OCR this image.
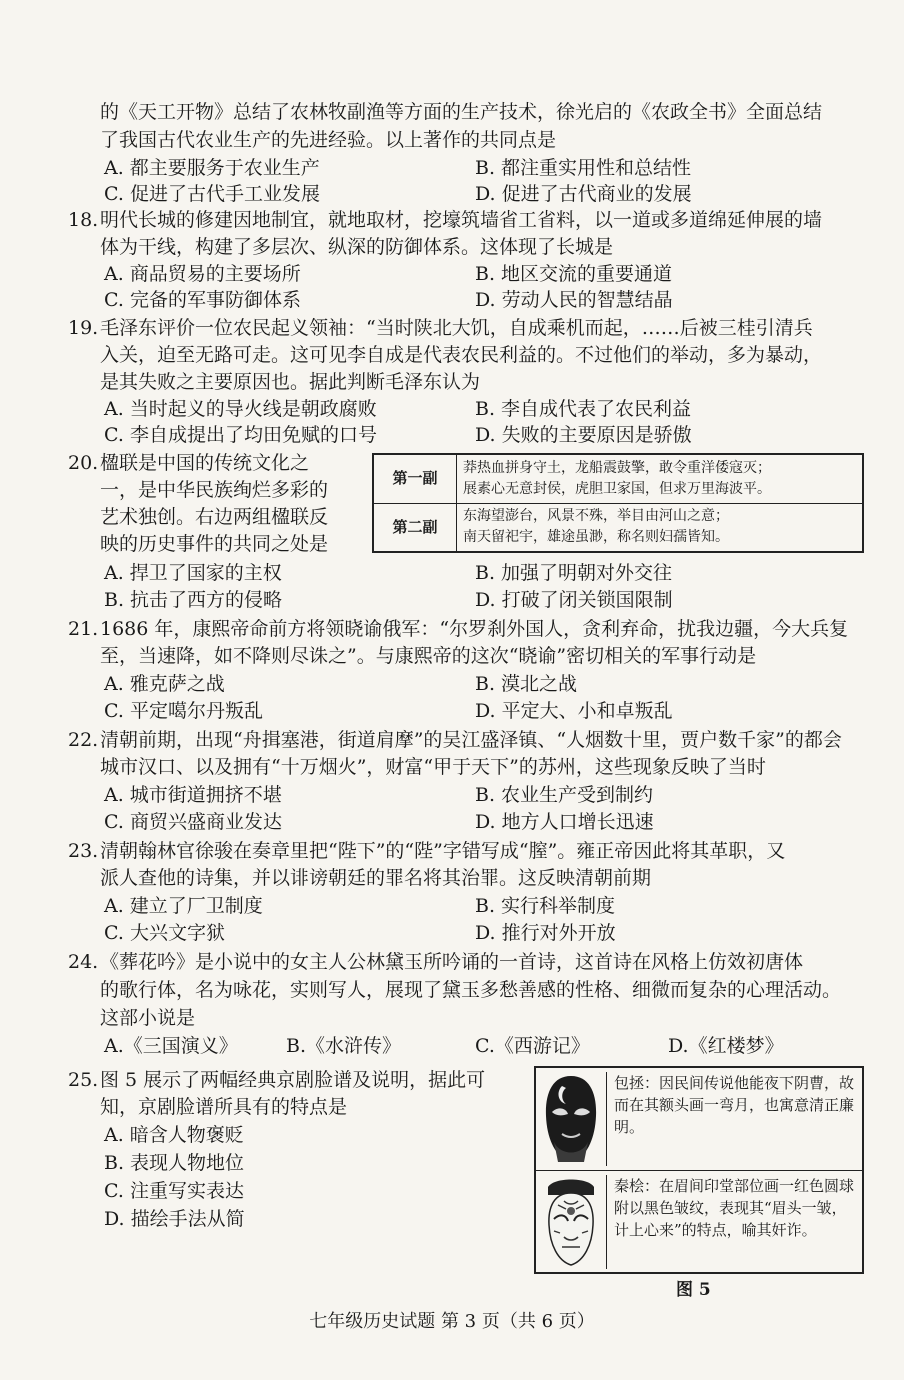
的《天工开物》总结了农林牧副渔等方面的生产技术，徐光启的《农政全书》全面总结
了我国古代农业生产的先进经验。以上著作的共同点是
A. 都主要服务于农业生产	B. 都注重实用性和总结性
C. 促进了古代手工业发展	D. 促进了古代商业的发展
18. 明代长城的修建因地制宜，就地取材，挖壕筑墙省工省料，以一道或多道绵延伸展的墙
体为干线，构建了多层次、纵深的防御体系。这体现了长城是
A. 商品贸易的主要场所	B. 地区交流的重要通道
C. 完备的军事防御体系	D. 劳动人民的智慧结晶
19. 毛泽东评价一位农民起义领袖：“当时陕北大饥，自成乘机而起，……后被三桂引清兵
入关，迫至无路可走。这可见李自成是代表农民利益的。不过他们的举动，多为暴动，
是其失败之主要原因也。据此判断毛泽东认为
A. 当时起义的导火线是朝政腐败	B. 李自成代表了农民利益
C. 李自成提出了均田免赋的口号	D. 失败的主要原因是骄傲
20. 楹联是中国的传统文化之
一，是中华民族绚烂多彩的
艺术独创。右边两组楹联反
映的历史事件的共同之处是
第一副	莽热血拼身守土，龙船震鼓擎，敢令重洋倭寇灭；
展素心无意封侯，虎胆卫家国，但求万里海波平。

第二副	东海望澎台，风景不殊，举目由河山之意；
南天留祀宇，雄途虽渺，称名则妇孺皆知。
A. 捍卫了国家的主权	B. 加强了明朝对外交往
B. 抗击了西方的侵略	D. 打破了闭关锁国限制
21. 1686 年，康熙帝命前方将领晓谕俄军：“尔罗刹外国人，贪利弃命，扰我边疆，今大兵复
至，当速降，如不降则尽诛之”。与康熙帝的这次“晓谕”密切相关的军事行动是
A. 雅克萨之战	B. 漠北之战
C. 平定噶尔丹叛乱	D. 平定大、小和卓叛乱
22. 清朝前期，出现“舟揖塞港，街道肩摩”的吴江盛泽镇、“人烟数十里，贾户数千家”的都会
城市汉口、以及拥有“十万烟火”，财富“甲于天下”的苏州，这些现象反映了当时
A. 城市街道拥挤不堪	B. 农业生产受到制约
C. 商贸兴盛商业发达	D. 地方人口增长迅速
23. 清朝翰林官徐骏在奏章里把“陛下”的“陛”字错写成“膣”。雍正帝因此将其革职，又
派人查他的诗集，并以诽谤朝廷的罪名将其治罪。这反映清朝前期
A. 建立了厂卫制度	B. 实行科举制度
C. 大兴文字狱	D. 推行对外开放
24. 《葬花吟》是小说中的女主人公林黛玉所吟诵的一首诗，这首诗在风格上仿效初唐体
的歌行体，名为咏花，实则写人，展现了黛玉多愁善感的性格、细微而复杂的心理活动。
这部小说是
A.《三国演义》	B.《水浒传》	C.《西游记》	D.《红楼梦》
25. 图 5 展示了两幅经典京剧脸谱及说明，据此可
知，京剧脸谱所具有的特点是
A. 暗含人物褒贬
B. 表现人物地位
C. 注重写实表达
D. 描绘手法从简
包拯：因民间传说他能夜下阴曹，故而在其额头画一弯月，也寓意清正廉明。
秦桧：在眉间印堂部位画一红色圆球附以黑色皱纹，表现其“眉头一皱，计上心来”的特点，喻其奸诈。
图 5
七年级历史试题 第 3 页（共 6 页）
